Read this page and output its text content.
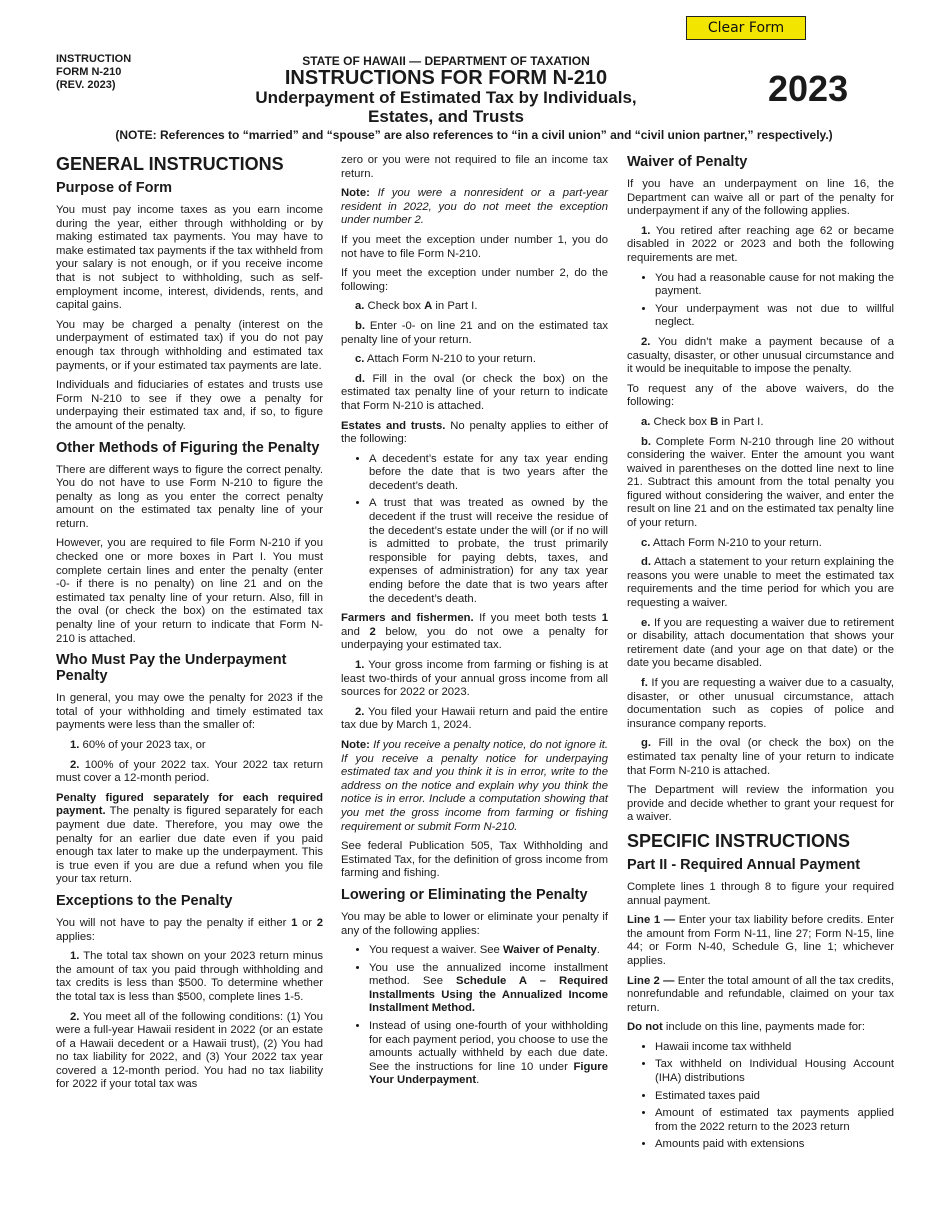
Clear Form
INSTRUCTION
FORM N-210
(REV. 2023)
STATE OF HAWAII — DEPARTMENT OF TAXATION
INSTRUCTIONS FOR FORM N-210
Underpayment of Estimated Tax by Individuals,
Estates, and Trusts
2023
(NOTE: References to “married” and “spouse” are also references to “in a civil union” and “civil union partner,” respectively.)
GENERAL INSTRUCTIONS
Purpose of Form

You must pay income taxes as you earn income during the year, either through withholding or by making estimated tax payments. You may have to make estimated tax payments if the tax withheld from your salary is not enough, or if you receive income that is not subject to withholding, such as self-employment income, interest, dividends, rents, and capital gains.

You may be charged a penalty (interest on the underpayment of estimated tax) if you do not pay enough tax through withholding and estimated tax payments, or if your estimated tax payments are late.

Individuals and fiduciaries of estates and trusts use Form N-210 to see if they owe a penalty for underpaying their estimated tax and, if so, to figure the amount of the penalty.

Other Methods of Figuring the Penalty

There are different ways to figure the correct penalty. You do not have to use Form N-210 to figure the penalty as long as you enter the correct penalty amount on the estimated tax penalty line of your return.

However, you are required to file Form N-210 if you checked one or more boxes in Part I. You must complete certain lines and enter the penalty (enter -0- if there is no penalty) on line 21 and on the estimated tax penalty line of your return. Also, fill in the oval (or check the box) on the estimated tax penalty line of your return to indicate that Form N-210 is attached.

Who Must Pay the Underpayment Penalty

In general, you may owe the penalty for 2023 if the total of your withholding and timely estimated tax payments were less than the smaller of:

1. 60% of your 2023 tax, or

2. 100% of your 2022 tax. Your 2022 tax return must cover a 12-month period.

Penalty figured separately for each required payment. The penalty is figured separately for each payment due date. Therefore, you may owe the penalty for an earlier due date even if you paid enough tax later to make up the underpayment. This is true even if you are due a refund when you file your tax return.

Exceptions to the Penalty

You will not have to pay the penalty if either 1 or 2 applies:

1. The total tax shown on your 2023 return minus the amount of tax you paid through withholding and tax credits is less than $500. To determine whether the total tax is less than $500, complete lines 1-5.

2. You meet all of the following conditions: (1) You were a full-year Hawaii resident in 2022 (or an estate of a Hawaii decedent or a Hawaii trust), (2) You had no tax liability for 2022, and (3) Your 2022 tax year covered a 12-month period. You had no tax liability for 2022 if your total tax was

zero or you were not required to file an income tax return.

Note: If you were a nonresident or a part-year resident in 2022, you do not meet the exception under number 2.

If you meet the exception under number 1, you do not have to file Form N-210.

If you meet the exception under number 2, do the following:

a. Check box A in Part I.

b. Enter -0- on line 21 and on the estimated tax penalty line of your return.

c. Attach Form N-210 to your return.

d. Fill in the oval (or check the box) on the estimated tax penalty line of your return to indicate that Form N-210 is attached.

Estates and trusts. No penalty applies to either of the following:

• A decedent’s estate for any tax year ending before the date that is two years after the decedent’s death.
• A trust that was treated as owned by the decedent if the trust will receive the residue of the decedent’s estate under the will (or if no will is admitted to probate, the trust primarily responsible for paying debts, taxes, and expenses of administration) for any tax year ending before the date that is two years after the decedent’s death.

Farmers and fishermen. If you meet both tests 1 and 2 below, you do not owe a penalty for underpaying your estimated tax.

1. Your gross income from farming or fishing is at least two-thirds of your annual gross income from all sources for 2022 or 2023.

2. You filed your Hawaii return and paid the entire tax due by March 1, 2024.

Note: If you receive a penalty notice, do not ignore it. If you receive a penalty notice for underpaying estimated tax and you think it is in error, write to the address on the notice and explain why you think the notice is in error. Include a computation showing that you met the gross income from farming or fishing requirement or submit Form N-210.

See federal Publication 505, Tax Withholding and Estimated Tax, for the definition of gross income from farming and fishing.

Lowering or Eliminating the Penalty

You may be able to lower or eliminate your penalty if any of the following applies:

• You request a waiver. See Waiver of Penalty.
• You use the annualized income installment method. See Schedule A – Required Installments Using the Annualized Income Installment Method.
• Instead of using one-fourth of your withholding for each payment period, you choose to use the amounts actually withheld by each due date. See the instructions for line 10 under Figure Your Underpayment.
Waiver of Penalty

If you have an underpayment on line 16, the Department can waive all or part of the penalty for underpayment if any of the following applies.

1. You retired after reaching age 62 or became disabled in 2022 or 2023 and both the following requirements are met.

• You had a reasonable cause for not making the payment.
• Your underpayment was not due to willful neglect.

2. You didn’t make a payment because of a casualty, disaster, or other unusual circumstance and it would be inequitable to impose the penalty.

To request any of the above waivers, do the following:

a. Check box B in Part I.

b. Complete Form N-210 through line 20 without considering the waiver. Enter the amount you want waived in parentheses on the dotted line next to line 21. Subtract this amount from the total penalty you figured without considering the waiver, and enter the result on line 21 and on the estimated tax penalty line of your return.

c. Attach Form N-210 to your return.

d. Attach a statement to your return explaining the reasons you were unable to meet the estimated tax requirements and the time period for which you are requesting a waiver.

e. If you are requesting a waiver due to retirement or disability, attach documentation that shows your retirement date (and your age on that date) or the date you became disabled.

f. If you are requesting a waiver due to a casualty, disaster, or other unusual circumstance, attach documentation such as copies of police and insurance company reports.

g. Fill in the oval (or check the box) on the estimated tax penalty line of your return to indicate that Form N-210 is attached.

The Department will review the information you provide and decide whether to grant your request for a waiver.

SPECIFIC INSTRUCTIONS
Part II - Required Annual Payment

Complete lines 1 through 8 to figure your required annual payment.

Line 1 — Enter your tax liability before credits. Enter the amount from Form N-11, line 27; Form N-15, line 44; or Form N-40, Schedule G, line 1; whichever applies.

Line 2 — Enter the total amount of all the tax credits, nonrefundable and refundable, claimed on your tax return.

Do not include on this line, payments made for:

• Hawaii income tax withheld
• Tax withheld on Individual Housing Account (IHA) distributions
• Estimated taxes paid
• Amount of estimated tax payments applied from the 2022 return to the 2023 return
• Amounts paid with extensions
